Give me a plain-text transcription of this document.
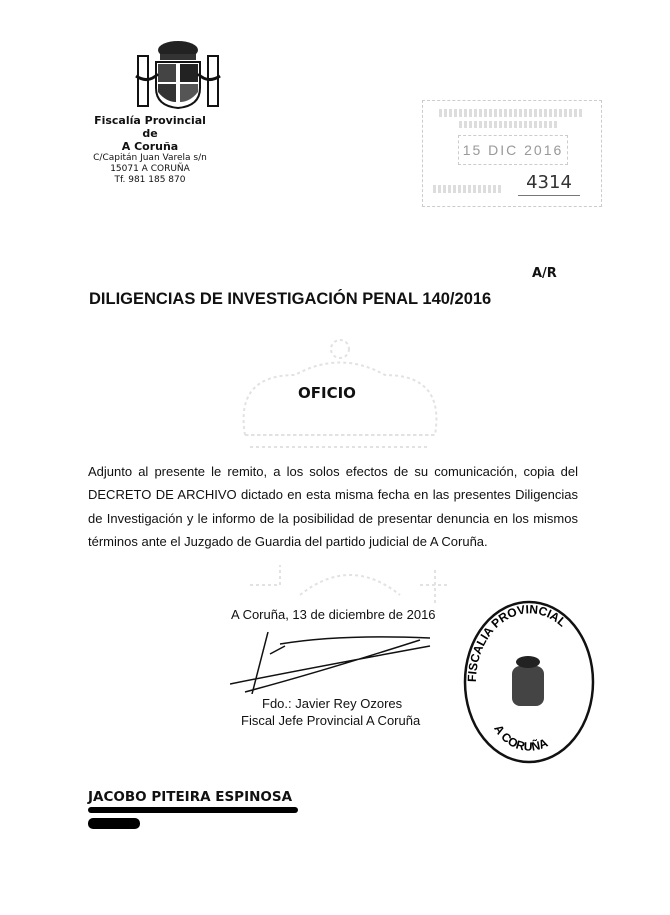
Fiscalía Provincial
de
A Coruña
C/Capitán Juan Varela s/n
15071 A CORUÑA
Tf. 981 185 870
15 DIC 2016
4314
A/R
DILIGENCIAS DE INVESTIGACIÓN PENAL 140/2016
OFICIO
Adjunto al presente le remito, a los solos efectos de su comunicación, copia del DECRETO DE ARCHIVO dictado en esta misma fecha en las presentes Diligencias de Investigación y le informo de la posibilidad de presentar denuncia en los mismos términos ante el Juzgado de Guardia del partido judicial de A Coruña.
A Coruña, 13 de diciembre de 2016
FISCALIA PROVINCIAL
A CORUÑA
Fdo.: Javier Rey Ozores
Fiscal Jefe Provincial A Coruña
JACOBO PITEIRA ESPINOSA
